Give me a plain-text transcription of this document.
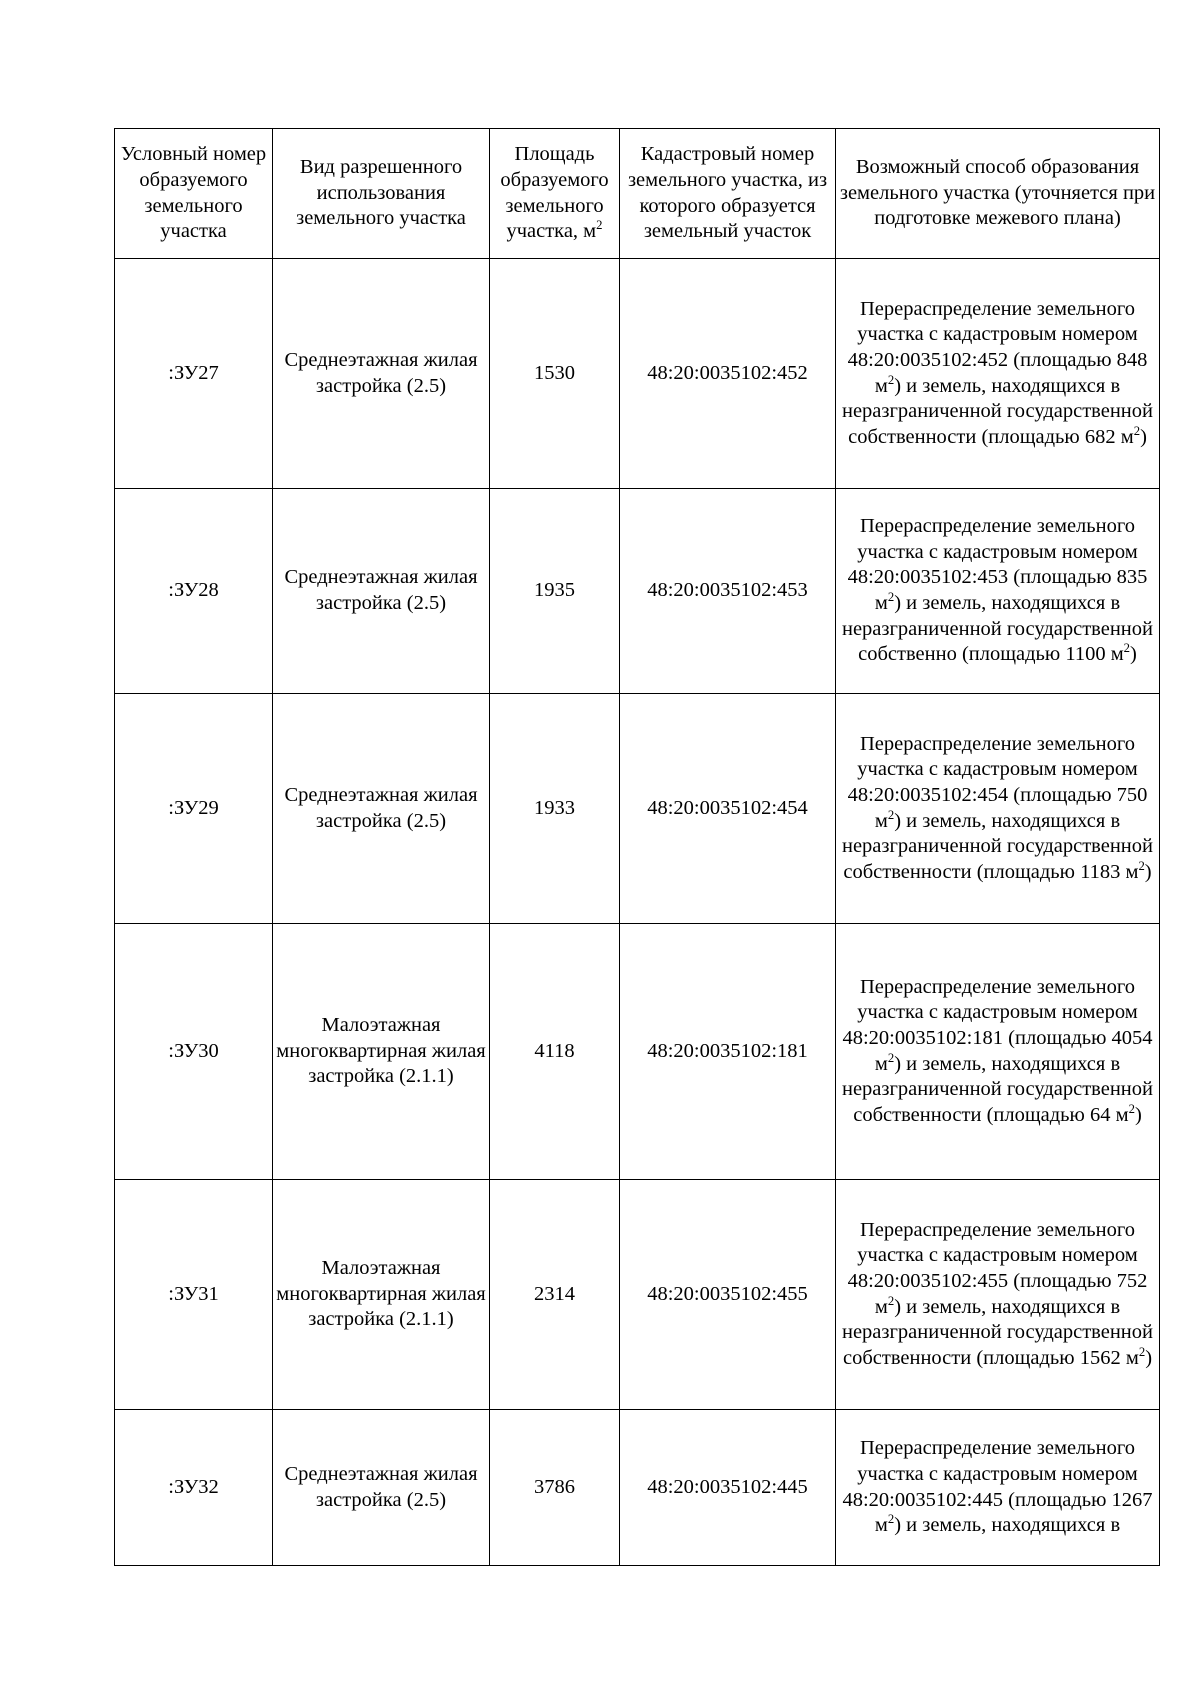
Условный номер образуемого земельного участка	Вид разрешенного использования земельного участка	Площадь образуемого земельного участка, $м^2$	Кадастровый номер земельного участка, из которого образуется земельный участок	Возможный способ образования земельного участка (уточняется при подготовке межевого плана)
:ЗУ27	Среднеэтажная жилая застройка (2.5)	1530	48:20:0035102:452	Перераспределение земельного участка с кадастровым номером 48:20:0035102:452 (площадью 848 $м^2$) и земель, находящихся в неразграниченной государственной собственности (площадью 682 $м^2$)
:ЗУ28	Среднеэтажная жилая застройка (2.5)	1935	48:20:0035102:453	Перераспределение земельного участка с кадастровым номером 48:20:0035102:453 (площадью 835 $м^2$) и земель, находящихся в неразграниченной государственной собственно (площадью 1100 $м^2$)
:ЗУ29	Среднеэтажная жилая застройка (2.5)	1933	48:20:0035102:454	Перераспределение земельного участка с кадастровым номером 48:20:0035102:454 (площадью 750 $м^2$) и земель, находящихся в неразграниченной государственной собственности (площадью 1183 $м^2$)
:ЗУ30	Малоэтажная многоквартирная жилая застройка (2.1.1)	4118	48:20:0035102:181	Перераспределение земельного участка с кадастровым номером 48:20:0035102:181 (площадью 4054 $м^2$) и земель, находящихся в неразграниченной государственной собственности (площадью 64 $м^2$)
:ЗУ31	Малоэтажная многоквартирная жилая застройка (2.1.1)	2314	48:20:0035102:455	Перераспределение земельного участка с кадастровым номером 48:20:0035102:455 (площадью 752 $м^2$) и земель, находящихся в неразграниченной государственной собственности (площадью 1562 $м^2$)
:ЗУ32	Среднеэтажная жилая застройка (2.5)	3786	48:20:0035102:445	Перераспределение земельного участка с кадастровым номером 48:20:0035102:445 (площадью 1267 $м^2$) и земель, находящихся в
